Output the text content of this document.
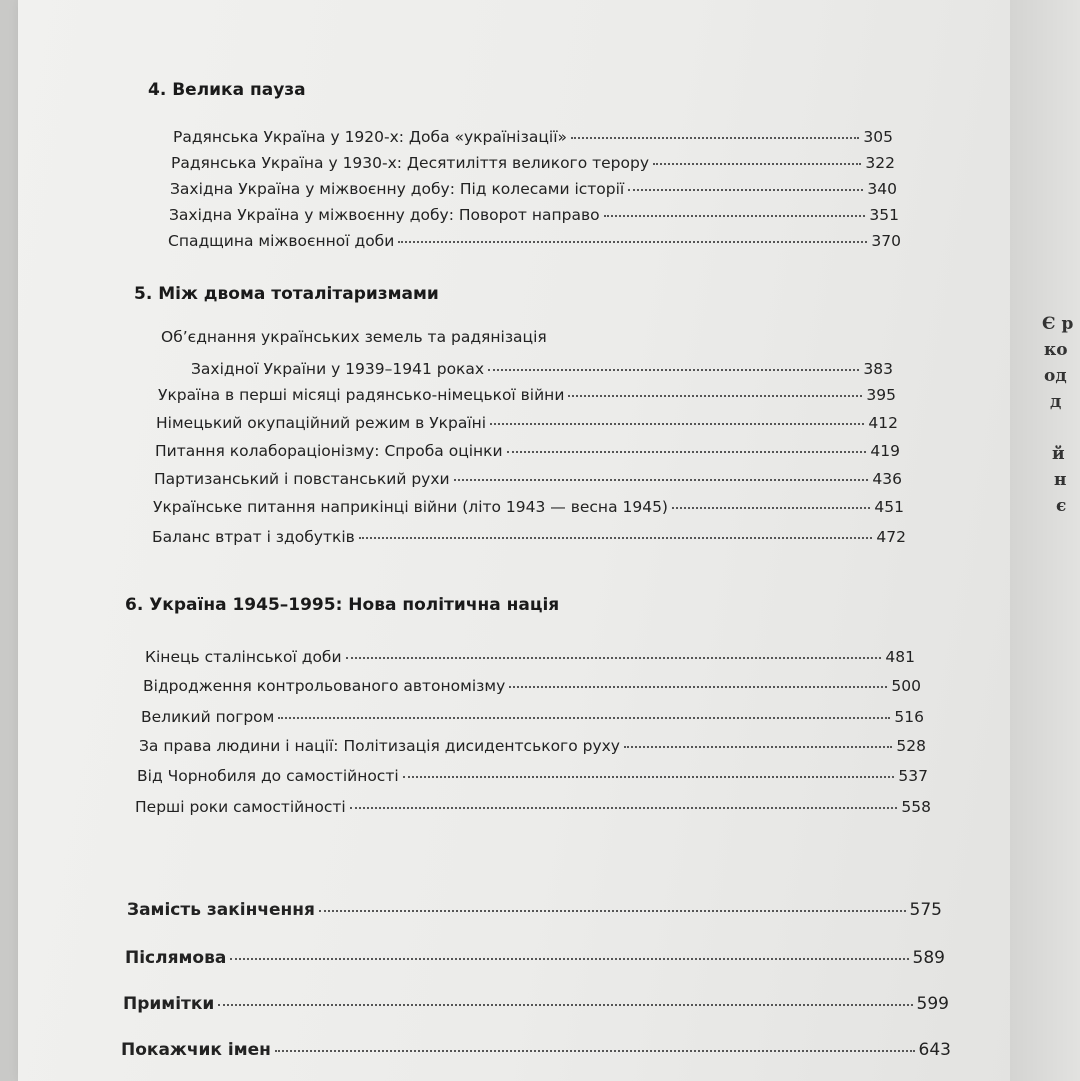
4. Велика пауза
Радянська Україна у 1920-х: Доба «українізації»	305
Радянська Україна у 1930-х: Десятиліття великого терору	322
Західна Україна у міжвоєнну добу: Під колесами історії	340
Західна Україна у міжвоєнну добу: Поворот направо	351
Спадщина міжвоєнної доби	370
5. Між двома тоталітаризмами
Об’єднання українських земель та радянізація
Західної України у 1939–1941 роках	383
Україна в перші місяці радянсько-німецької війни	395
Німецький окупаційний режим в Україні	412
Питання колабораціонізму: Спроба оцінки	419
Партизанський і повстанський рухи	436
Українське питання наприкінці війни (літо 1943 — весна 1945)	451
Баланс втрат і здобутків	472
6. Україна 1945–1995: Нова політична нація
Кінець сталінської доби	481
Відродження контрольованого автономізму	500
Великий погром	516
За права людини і нації: Політизація дисидентського руху	528
Від Чорнобиля до самостійності	537
Перші роки самостійності	558
Замість закінчення	575
Післямова	589
Примітки	599
Покажчик імен	643
Є р
ко
од
д
й
н
є
